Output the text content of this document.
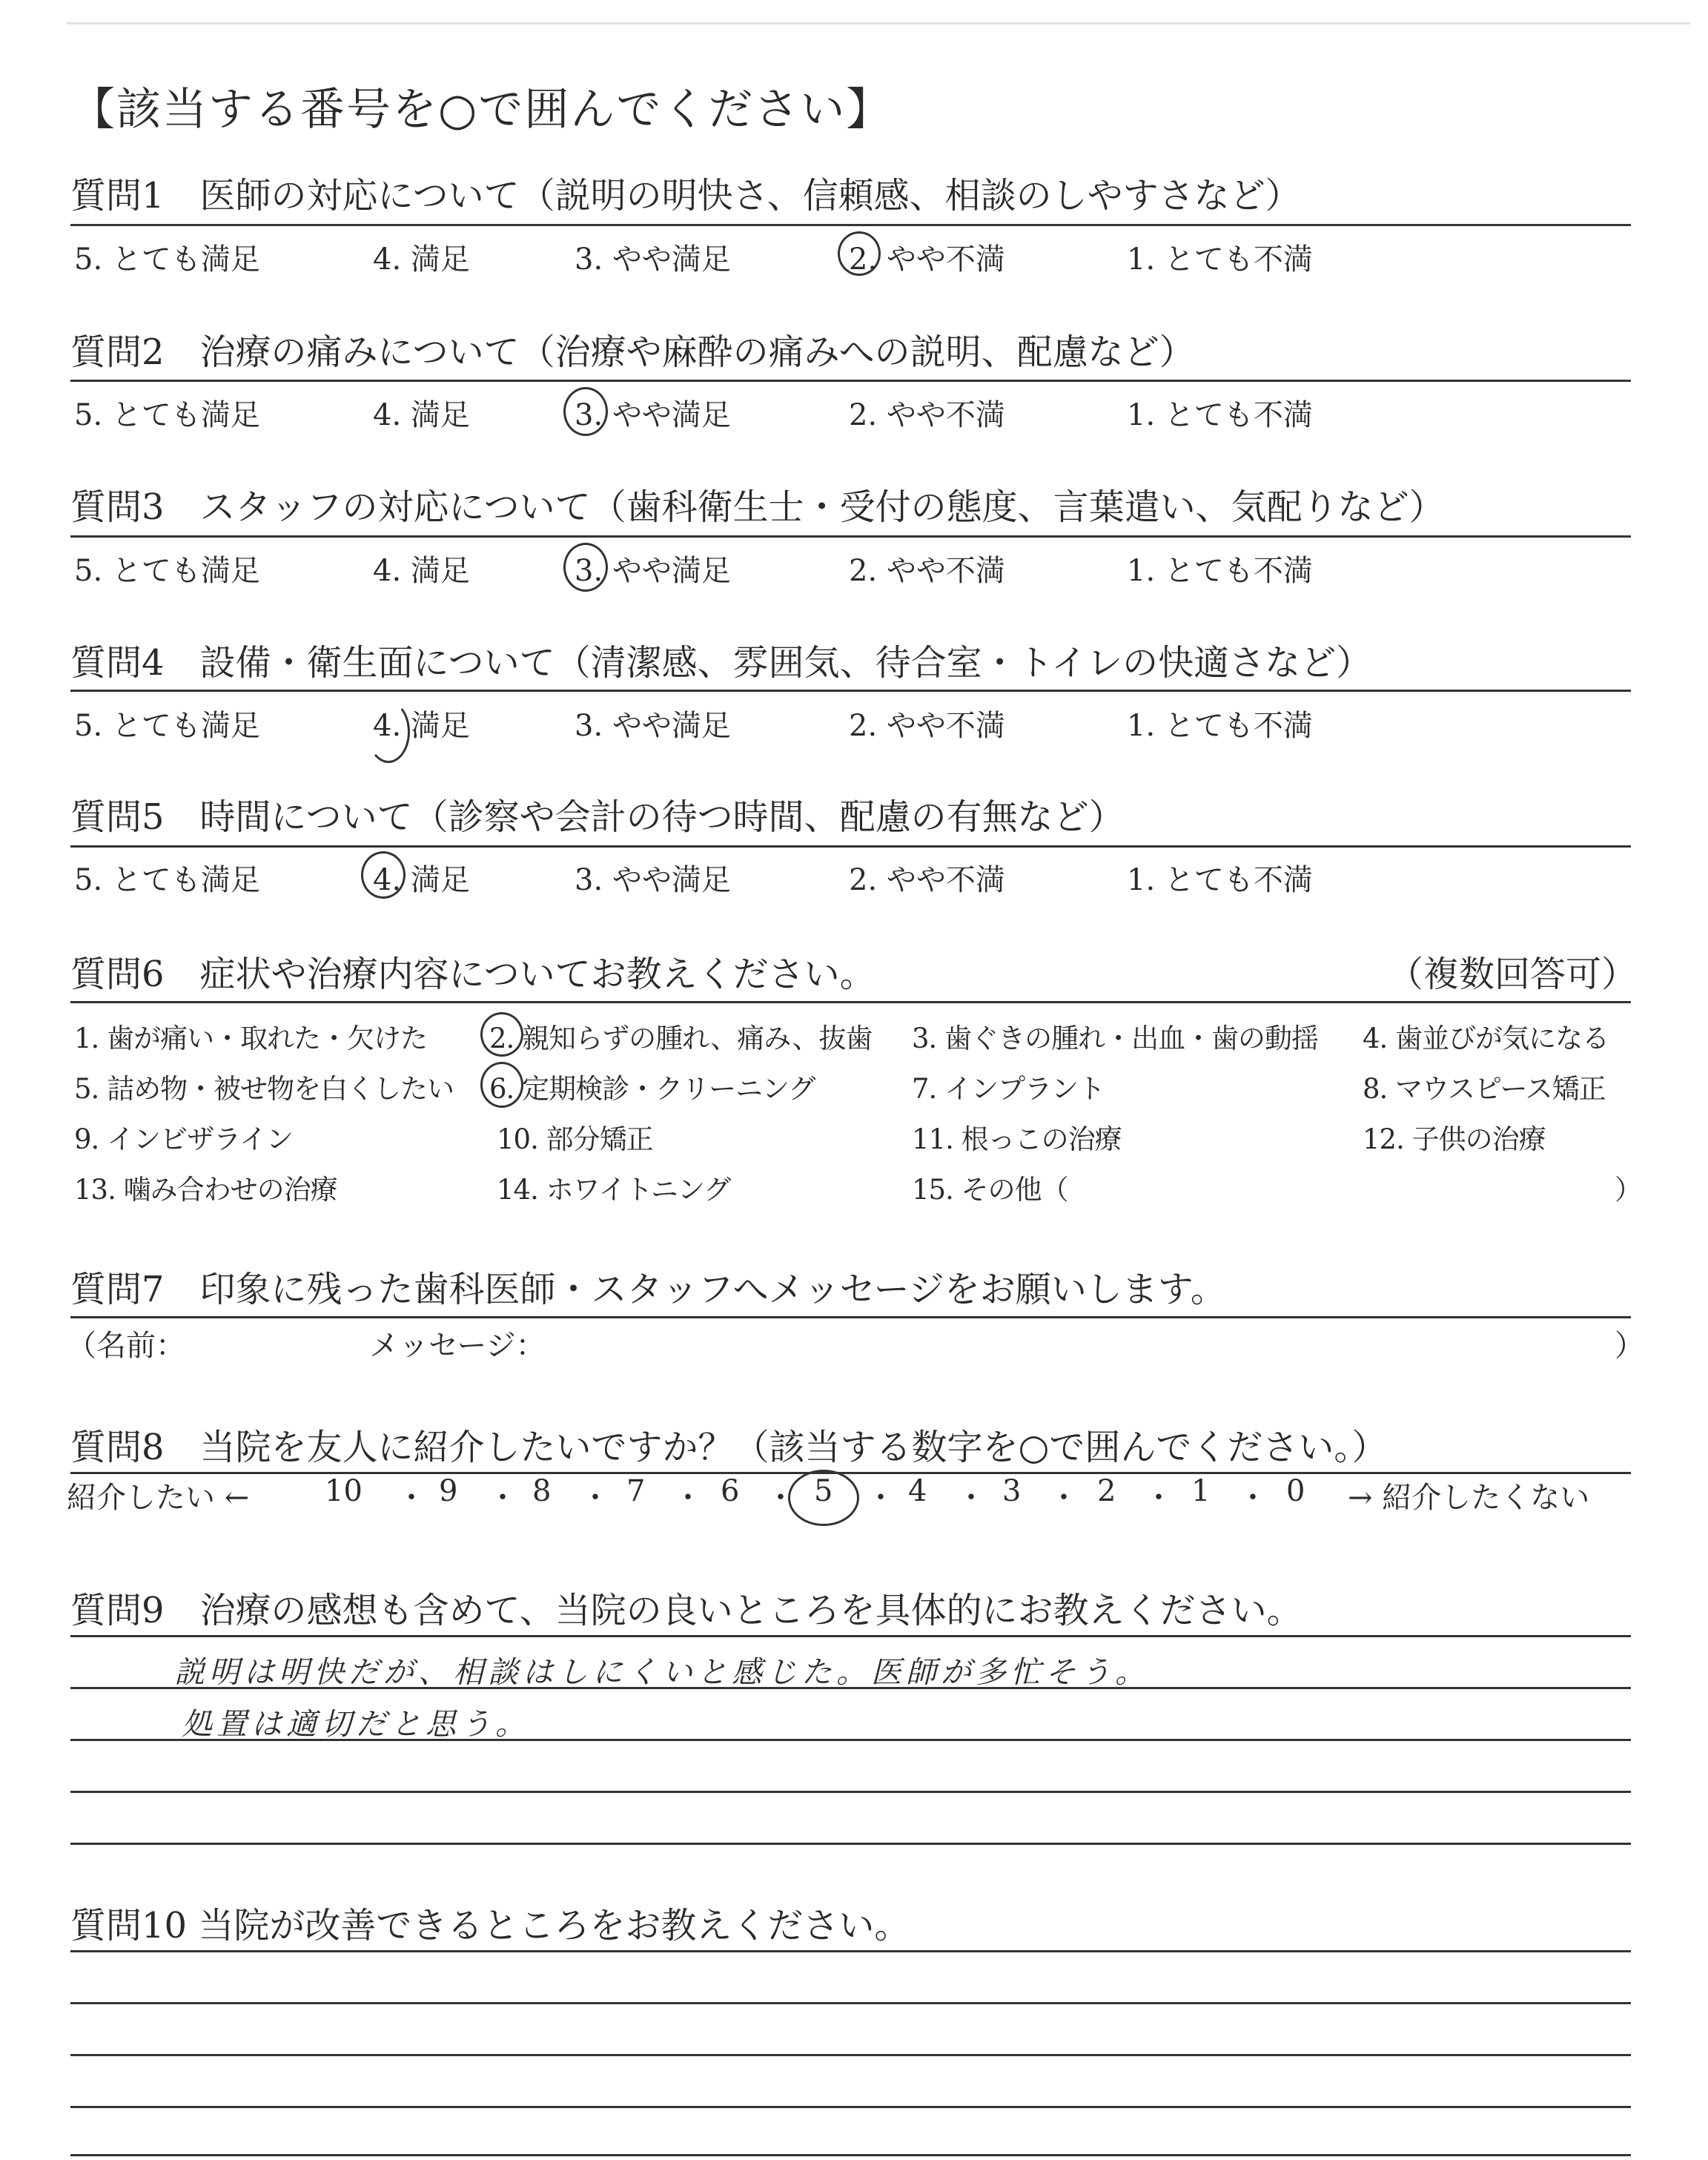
【該当する番号を○で囲んでください】
質問1　医師の対応について（説明の明快さ、信頼感、相談のしやすさなど）
5. とても満足	4. 満足	3. やや満足	2. やや不満	1. とても不満
質問2　治療の痛みについて（治療や麻酔の痛みへの説明、配慮など）
5. とても満足	4. 満足	3. やや満足	2. やや不満	1. とても不満
質問3　スタッフの対応について（歯科衛生士・受付の態度、言葉遣い、気配りなど）
5. とても満足	4. 満足	3. やや満足	2. やや不満	1. とても不満
質問4　設備・衛生面について（清潔感、雰囲気、待合室・トイレの快適さなど）
5. とても満足	4. 満足	3. やや満足	2. やや不満	1. とても不満
質問5　時間について（診察や会計の待つ時間、配慮の有無など）
5. とても満足	4. 満足	3. やや満足	2. やや不満	1. とても不満
質問6　症状や治療内容についてお教えください。	（複数回答可）
1. 歯が痛い・取れた・欠けた 2. 親知らずの腫れ、痛み、抜歯 3. 歯ぐきの腫れ・出血・歯の動揺 4. 歯並びが気になる
5. 詰め物・被せ物を白くしたい 6. 定期検診・クリーニング	7. インプラント	8. マウスピース矯正
9. インビザライン	10. 部分矯正	11. 根っこの治療	12. 子供の治療
13. 噛み合わせの治療	14. ホワイトニング	15. その他（	）
質問7　印象に残った歯科医師・スタッフへメッセージをお願いします。
（名前：	メッセージ：	）
質問8　当院を友人に紹介したいですか？（該当する数字を○で囲んでください。）
紹介したい ←	→ 紹介したくない
10 ・ 9 ・ 8 ・ 7 ・ 6 ・ 5 ・ 4 ・ 3 ・ 2 ・ 1 ・ 0
質問9　治療の感想も含めて、当院の良いところを具体的にお教えください。
説明は明快だが、相談はしにくいと感じた。医師が多忙そう。
処置は適切だと思う。
質問10 当院が改善できるところをお教えください。
